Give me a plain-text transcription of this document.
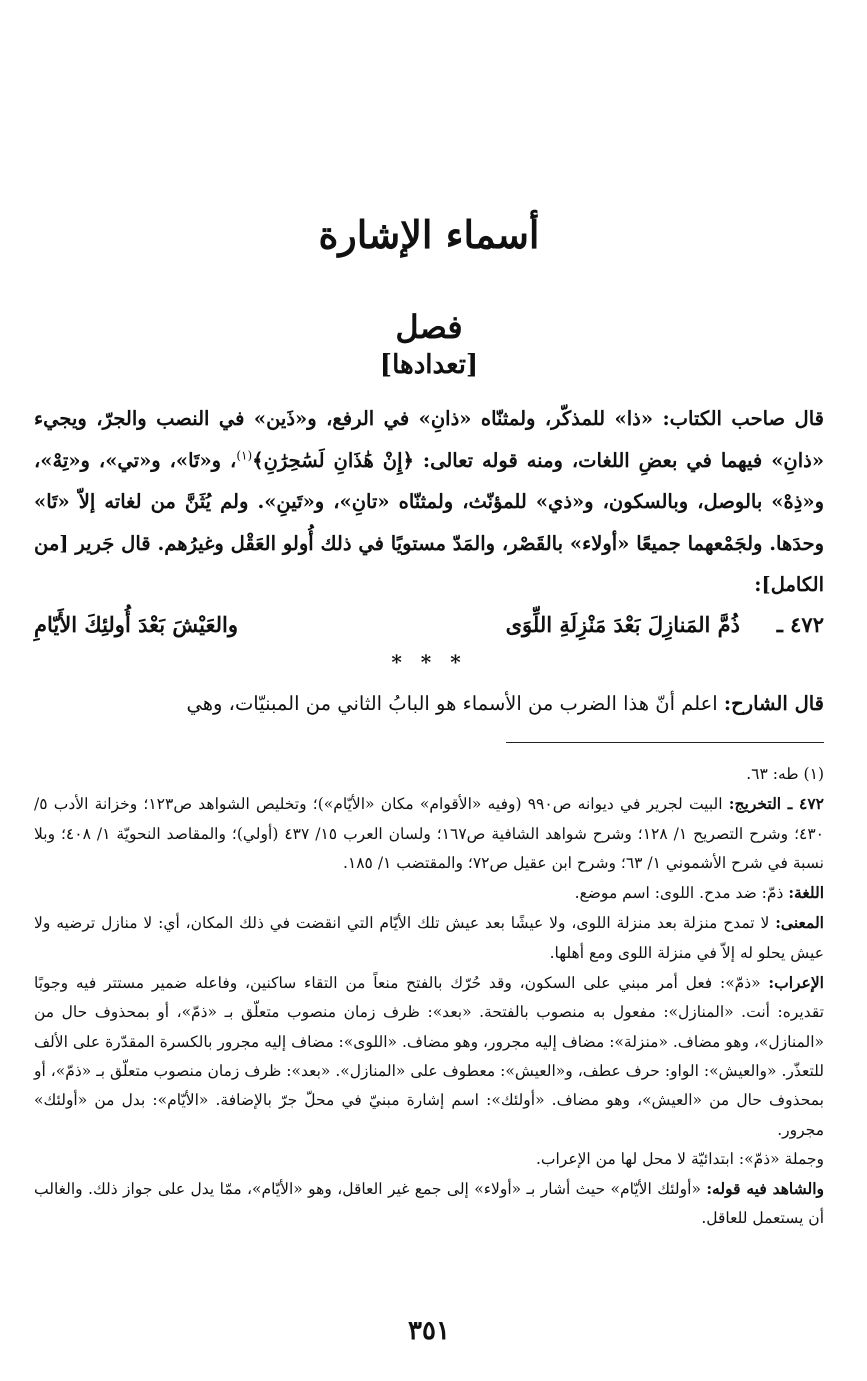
أسماء الإشارة
فصل
[تعدادها]

قال صاحب الكتاب: «ذا» للمذكّر، ولمثنّاه «ذانِ» في الرفع، و«ذَين» في النصب والجرّ، ويجيء «ذانِ» فيهما في بعضِ اللغات، ومنه قوله تعالى: ﴿إِنْ هَٰذَانِ لَسَٰحِرَٰنِ﴾$^{(١)}$، و«تَا»، و«تي»، و«تِهْ»، و«ذِهْ» بالوصل، وبالسكون، و«ذي» للمؤنّث، ولمثنّاه «تانِ»، و«تَينِ». ولم يُثَنَّ من لغاته إلاّ «تَا» وحدَها. ولجَمْعهما جميعًا «أولاء» بالقَصْر، والمَدّ مستويًا في ذلك أُولو العَقْل وغيرُهم. قال جَرير [من الكامل]:

٤٧٢ ـ
ذُمَّ المَنازِلَ بَعْدَ مَنْزِلَةِ اللِّوَى
والعَيْشَ بَعْدَ أُولئِكَ الأَيّامِ
* * *

قال الشارح: اعلم أنّ هذا الضرب من الأسماء هو البابُ الثاني من المبنيّات، وهي

(١) طه: ٦٣.

٤٧٢ ـ التخريج: البيت لجرير في ديوانه ص٩٩٠ (وفيه «الأقوام» مكان «الأيّام»)؛ وتخليص الشواهد ص١٢٣؛ وخزانة الأدب ٥/ ٤٣٠؛ وشرح التصريح ١/ ١٢٨؛ وشرح شواهد الشافية ص١٦٧؛ ولسان العرب ١٥/ ٤٣٧ (أولي)؛ والمقاصد النحويّة ١/ ٤٠٨؛ وبلا نسبة في شرح الأشموني ١/ ٦٣؛ وشرح ابن عقيل ص٧٢؛ والمقتضب ١/ ١٨٥.

اللغة: ذمّ: ضد مدح. اللوى: اسم موضع.

المعنى: لا تمدح منزلة بعد منزلة اللوى، ولا عيشًا بعد عيش تلك الأيّام التي انقضت في ذلك المكان، أي: لا منازل ترضيه ولا عيش يحلو له إلاّ في منزلة اللوى ومع أهلها.

الإعراب: «ذمّ»: فعل أمر مبني على السكون، وقد حُرّك بالفتح منعاً من التقاء ساكنين، وفاعله ضمير مستتر فيه وجوبًا تقديره: أنت. «المنازل»: مفعول به منصوب بالفتحة. «بعد»: ظرف زمان منصوب متعلّق بـ «ذمّ»، أو بمحذوف حال من «المنازل»، وهو مضاف. «منزلة»: مضاف إليه مجرور، وهو مضاف. «اللوى»: مضاف إليه مجرور بالكسرة المقدّرة على الألف للتعذّر. «والعيش»: الواو: حرف عطف، و«العيش»: معطوف على «المنازل». «بعد»: ظرف زمان منصوب متعلّق بـ «ذمّ»، أو بمحذوف حال من «العيش»، وهو مضاف. «أولئك»: اسم إشارة مبنيّ في محلّ جرّ بالإضافة. «الأيّام»: بدل من «أولئك» مجرور.

وجملة «ذمّ»: ابتدائيّة لا محل لها من الإعراب.

والشاهد فيه قوله: «أولئك الأيّام» حيث أشار بـ «أولاء» إلى جمع غير العاقل، وهو «الأيّام»، ممّا يدل على جواز ذلك. والغالب أن يستعمل للعاقل.

٣٥١
